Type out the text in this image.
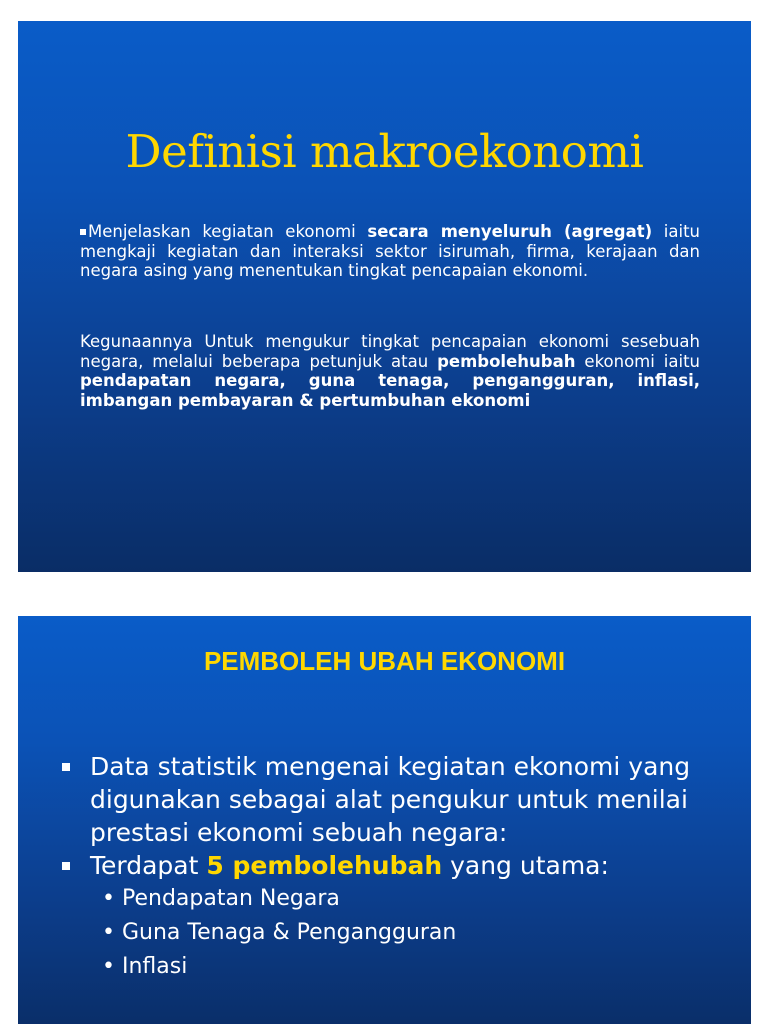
Definisi makroekonomi
Menjelaskan kegiatan ekonomi secara menyeluruh (agregat) iaitu mengkaji kegiatan dan interaksi sektor isirumah, firma, kerajaan dan negara asing yang menentukan tingkat pencapaian ekonomi.
Kegunaannya Untuk mengukur tingkat pencapaian ekonomi sesebuah negara, melalui beberapa petunjuk atau pembolehubah ekonomi iaitu pendapatan negara, guna tenaga, pengangguran, inflasi, imbangan pembayaran & pertumbuhan ekonomi
PEMBOLEH UBAH EKONOMI
Data statistik mengenai kegiatan ekonomi yang digunakan sebagai alat pengukur untuk menilai prestasi ekonomi sebuah negara:
Terdapat 5 pembolehubah yang utama:
• Pendapatan Negara
• Guna Tenaga & Pengangguran
• Inflasi
